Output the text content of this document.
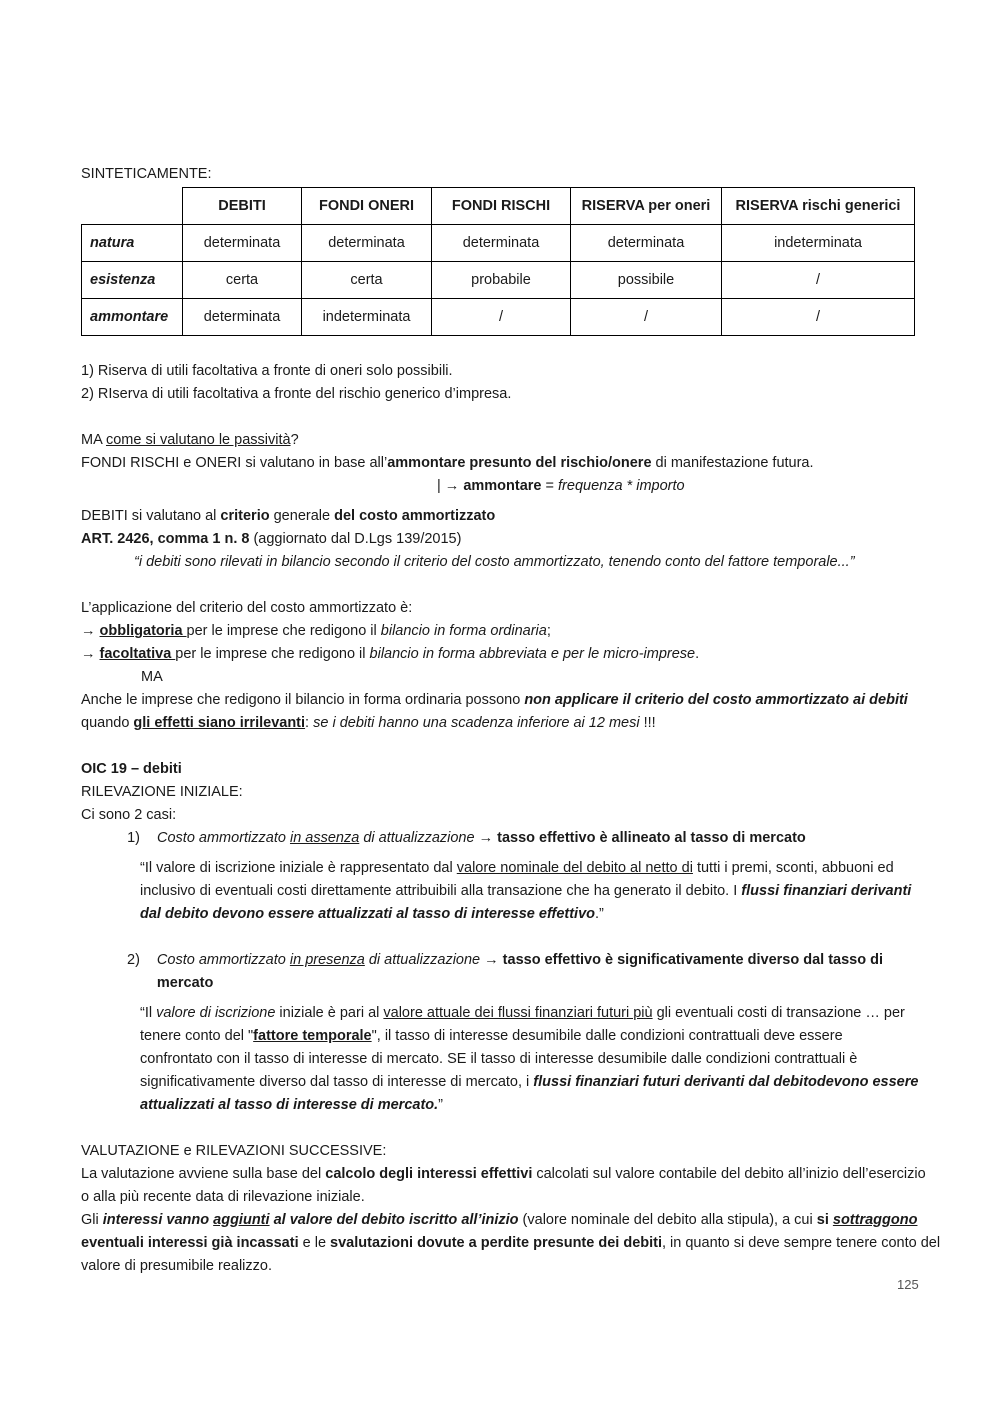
SINTETICAMENTE:
	DEBITI	FONDI ONERI	FONDI RISCHI	RISERVA per oneri	RISERVA rischi generici
natura	determinata	determinata	determinata	determinata	indeterminata
esistenza	certa	certa	probabile	possibile	/
ammontare	determinata	indeterminata	/	/	/
1) Riserva di utili facoltativa a fronte di oneri solo possibili.
2) RIserva di utili facoltativa a fronte del rischio generico d’impresa.
MA come si valutano le passività?
FONDI RISCHI e ONERI si valutano in base all’ammontare presunto del rischio/onere di manifestazione futura.
| → ammontare = frequenza * importo
DEBITI si valutano al criterio generale del costo ammortizzato
ART. 2426, comma 1 n. 8 (aggiornato dal D.Lgs 139/2015)
“i debiti sono rilevati in bilancio secondo il criterio del costo ammortizzato, tenendo conto del fattore temporale...”
L’applicazione del criterio del costo ammortizzato è:
→ obbligatoria per le imprese che redigono il bilancio in forma ordinaria;
→ facoltativa per le imprese che redigono il bilancio in forma abbreviata e per le micro-imprese.
MA
Anche le imprese che redigono il bilancio in forma ordinaria possono non applicare il criterio del costo ammortizzato ai debiti
quando gli effetti siano irrilevanti: se i debiti hanno una scadenza inferiore ai 12 mesi !!!
OIC 19 – debiti
RILEVAZIONE INIZIALE:
Ci sono 2 casi:
1)	Costo ammortizzato in assenza di attualizzazione → tasso effettivo è allineato al tasso di mercato
“Il valore di iscrizione iniziale è rappresentato dal valore nominale del debito al netto di tutti i premi, sconti, abbuoni ed
inclusivo di eventuali costi direttamente attribuibili alla transazione che ha generato il debito. I flussi finanziari derivanti
dal debito devono essere attualizzati al tasso di interesse effettivo.”
2)	Costo ammortizzato in presenza di attualizzazione → tasso effettivo è significativamente diverso dal tasso di mercato
“Il valore di iscrizione iniziale è pari al valore attuale dei flussi finanziari futuri più gli eventuali costi di transazione … per
tenere conto del "fattore temporale", il tasso di interesse desumibile dalle condizioni contrattuali deve essere
confrontato con il tasso di interesse di mercato. SE il tasso di interesse desumibile dalle condizioni contrattuali è
significativamente diverso dal tasso di interesse di mercato, i flussi finanziari futuri derivanti dal debitodevono essere
attualizzati al tasso di interesse di mercato.”
VALUTAZIONE e RILEVAZIONI SUCCESSIVE:
La valutazione avviene sulla base del calcolo degli interessi effettivi calcolati sul valore contabile del debito all’inizio dell’esercizio
o alla più recente data di rilevazione iniziale.
Gli interessi vanno aggiunti al valore del debito iscritto all’inizio (valore nominale del debito alla stipula), a cui si sottraggono
eventuali interessi già incassati e le svalutazioni dovute a perdite presunte dei debiti, in quanto si deve sempre tenere conto del
valore di presumibile realizzo.
125
